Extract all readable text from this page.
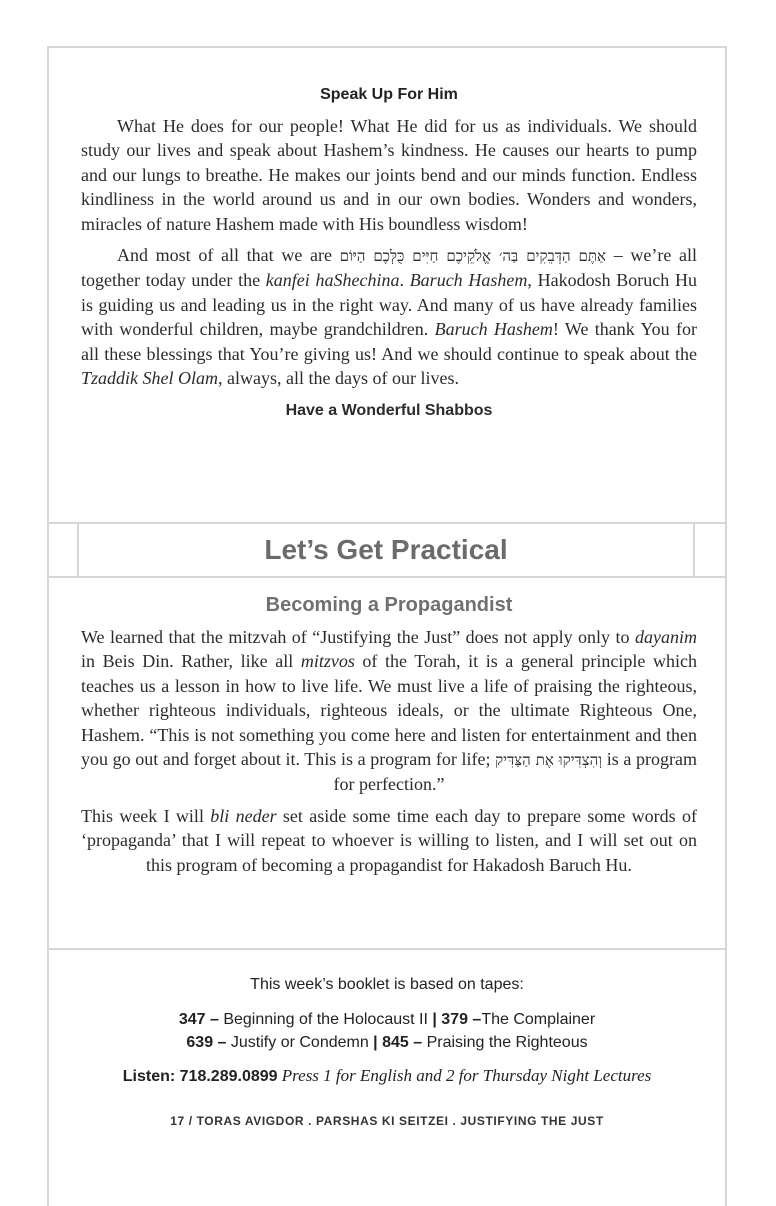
Speak Up For Him

What He does for our people! What He did for us as individuals. We should study our lives and speak about Hashem’s kindness. He causes our hearts to pump and our lungs to breathe. He makes our joints bend and our minds function. Endless kindliness in the world around us and in our own bodies. Wonders and wonders, miracles of nature Hashem made with His boundless wisdom!

And most of all that we are אַתֶּם הַדְּבֵקִים בַּה׳ אֱלֹקֵיכֶם חַיִּים כֻּלְּכֶם הַיּוֹם – we’re all together today under the kanfei haShechina. Baruch Hashem, Hakodosh Boruch Hu is guiding us and leading us in the right way. And many of us have already families with wonderful children, maybe grandchildren. Baruch Hashem! We thank You for all these blessings that You’re giving us! And we should continue to speak about the Tzaddik Shel Olam, always, all the days of our lives.

Have a Wonderful Shabbos
Let’s Get Practical
Becoming a Propagandist

We learned that the mitzvah of “Justifying the Just” does not apply only to dayanim in Beis Din. Rather, like all mitzvos of the Torah, it is a general principle which teaches us a lesson in how to live life. We must live a life of praising the righteous, whether righteous individuals, righteous ideals, or the ultimate Righteous One, Hashem. “This is not something you come here and listen for entertainment and then you go out and forget about it. This is a program for life; וְהִצְדִּיקוּ אֶת הַצַּדִּיק is a program for perfection.”

This week I will bli neder set aside some time each day to prepare some words of ‘propaganda’ that I will repeat to whoever is willing to listen, and I will set out on this program of becoming a propagandist for Hakadosh Baruch Hu.

This week’s booklet is based on tapes:
347 – Beginning of the Holocaust II | 379 –The Complainer
639 – Justify or Condemn | 845 – Praising the Righteous
Listen: 718.289.0899 Press 1 for English and 2 for Thursday Night Lectures
17 / TORAS AVIGDOR . PARSHAS KI SEITZEI . JUSTIFYING THE JUST
